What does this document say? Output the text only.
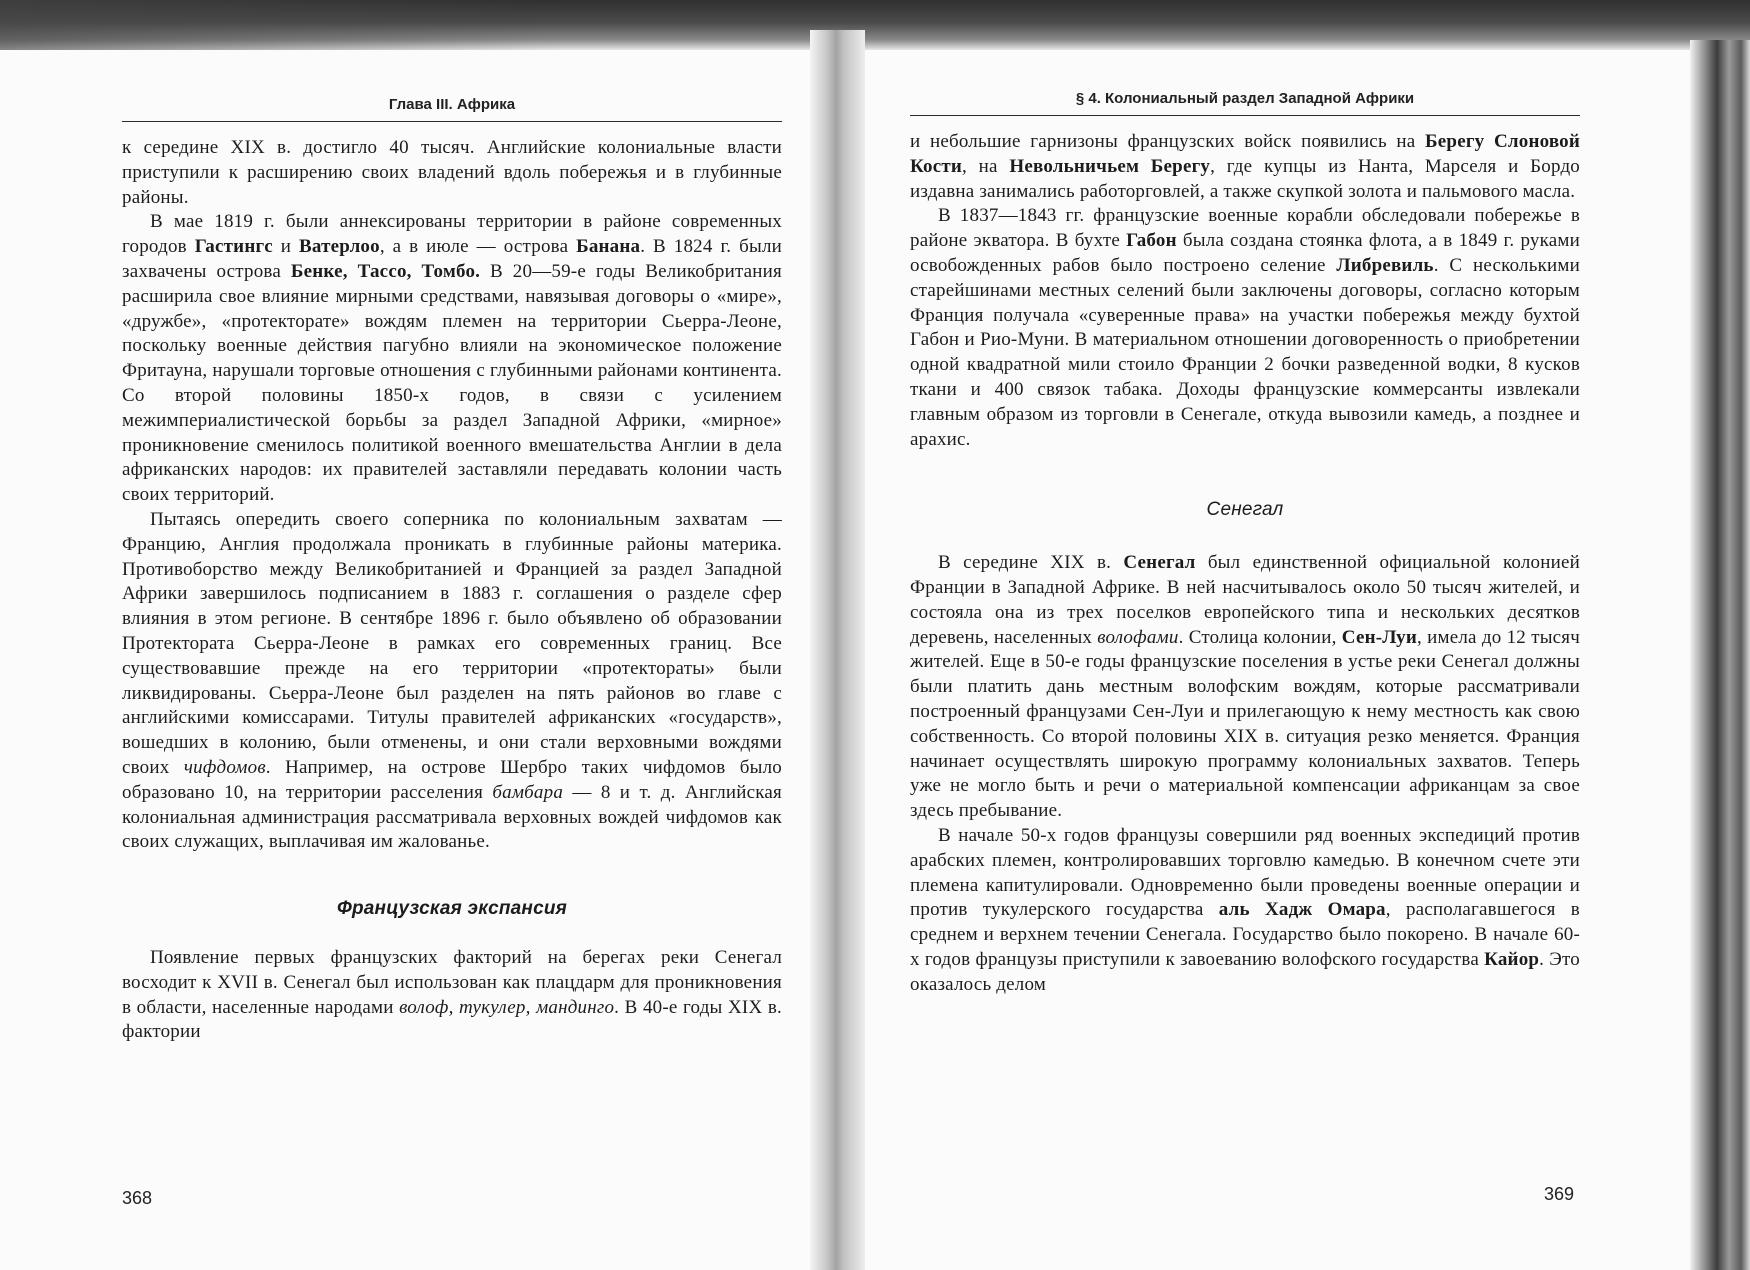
Глава III. Африка

к середине XIX в. достигло 40 тысяч. Английские колониальные власти приступили к расширению своих владений вдоль побережья и в глубинные районы.

В мае 1819 г. были аннексированы территории в районе современных городов Гастингс и Ватерлоо, а в июле — острова Банана. В 1824 г. были захвачены острова Бенке, Тассо, Томбо. В 20—59-е годы Великобритания расширила свое влияние мирными средствами, навязывая договоры о «мире», «дружбе», «протекторате» вождям племен на территории Сьерра-Леоне, поскольку военные действия пагубно влияли на экономическое положение Фритауна, нарушали торговые отношения с глубинными районами континента. Со второй половины 1850-х годов, в связи с усилением межимпериалистической борьбы за раздел Западной Африки, «мирное» проникновение сменилось политикой военного вмешательства Англии в дела африканских народов: их правителей заставляли передавать колонии часть своих территорий.

Пытаясь опередить своего соперника по колониальным захватам — Францию, Англия продолжала проникать в глубинные районы материка. Противоборство между Великобританией и Францией за раздел Западной Африки завершилось подписанием в 1883 г. соглашения о разделе сфер влияния в этом регионе. В сентябре 1896 г. было объявлено об образовании Протектората Сьерра-Леоне в рамках его современных границ. Все существовавшие прежде на его территории «протектораты» были ликвидированы. Сьерра-Леоне был разделен на пять районов во главе с английскими комиссарами. Титулы правителей африканских «государств», вошедших в колонию, были отменены, и они стали верховными вождями своих чифдомов. Например, на острове Шербро таких чифдомов было образовано 10, на территории расселения бамбара — 8 и т. д. Английская колониальная администрация рассматривала верховных вождей чифдомов как своих служащих, выплачивая им жалованье.

Французская экспансия

Появление первых французских факторий на берегах реки Сенегал восходит к XVII в. Сенегал был использован как плацдарм для проникновения в области, населенные народами волоф, тукулер, мандинго. В 40-е годы XIX в. фактории

368
§ 4. Колониальный раздел Западной Африки

и небольшие гарнизоны французских войск появились на Берегу Слоновой Кости, на Невольничьем Берегу, где купцы из Нанта, Марселя и Бордо издавна занимались работорговлей, а также скупкой золота и пальмового масла.

В 1837—1843 гг. французские военные корабли обследовали побережье в районе экватора. В бухте Габон была создана стоянка флота, а в 1849 г. руками освобожденных рабов было построено селение Либревиль. С несколькими старейшинами местных селений были заключены договоры, согласно которым Франция получала «суверенные права» на участки побережья между бухтой Габон и Рио-Муни. В материальном отношении договоренность о приобретении одной квадратной мили стоило Франции 2 бочки разведенной водки, 8 кусков ткани и 400 связок табака. Доходы французские коммерсанты извлекали главным образом из торговли в Сенегале, откуда вывозили камедь, а позднее и арахис.

Сенегал

В середине XIX в. Сенегал был единственной официальной колонией Франции в Западной Африке. В ней насчитывалось около 50 тысяч жителей, и состояла она из трех поселков европейского типа и нескольких десятков деревень, населенных волофами. Столица колонии, Сен-Луи, имела до 12 тысяч жителей. Еще в 50-е годы французские поселения в устье реки Сенегал должны были платить дань местным волофским вождям, которые рассматривали построенный французами Сен-Луи и прилегающую к нему местность как свою собственность. Со второй половины XIX в. ситуация резко меняется. Франция начинает осуществлять широкую программу колониальных захватов. Теперь уже не могло быть и речи о материальной компенсации африканцам за свое здесь пребывание.

В начале 50-х годов французы совершили ряд военных экспедиций против арабских племен, контролировавших торговлю камедью. В конечном счете эти племена капитулировали. Одновременно были проведены военные операции и против тукулерского государства аль Хадж Омара, располагавшегося в среднем и верхнем течении Сенегала. Государство было покорено. В начале 60-х годов французы приступили к завоеванию волофского государства Кайор. Это оказалось делом

369
